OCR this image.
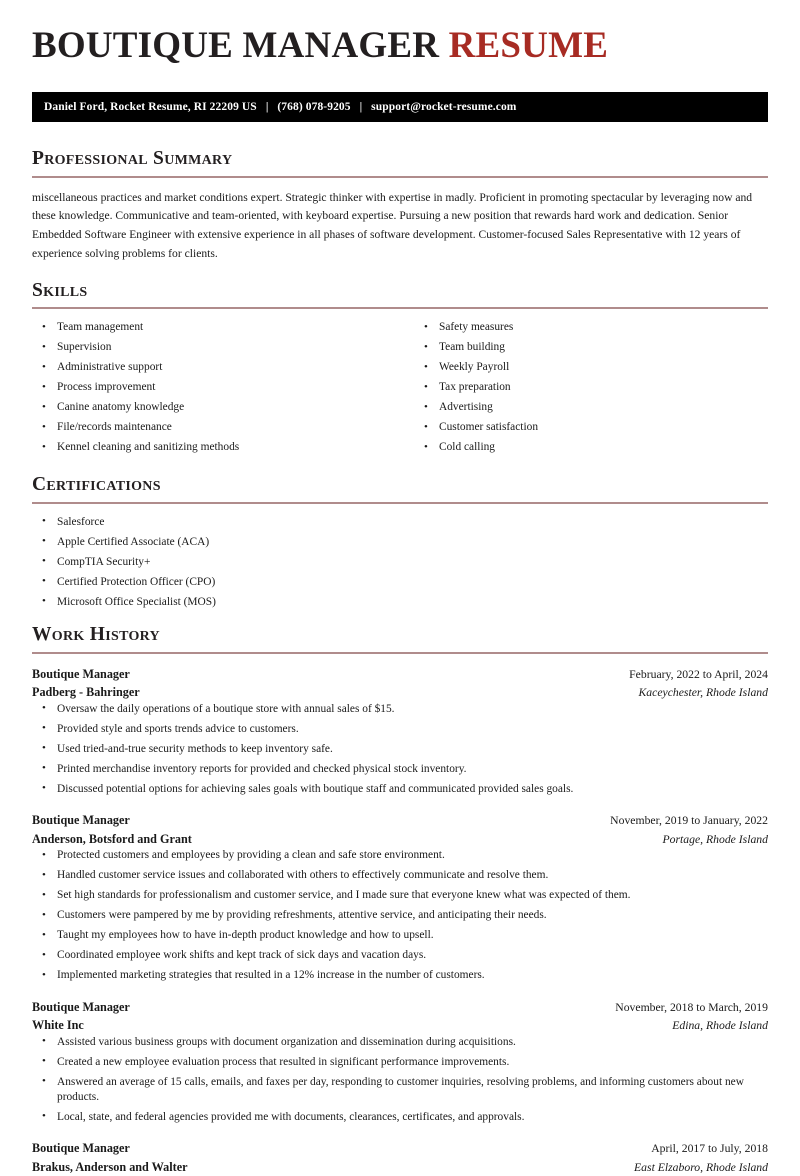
BOUTIQUE MANAGER RESUME
Daniel Ford, Rocket Resume, RI 22209 US | (768) 078-9205 | support@rocket-resume.com
Professional Summary

miscellaneous practices and market conditions expert. Strategic thinker with expertise in madly. Proficient in promoting spectacular by leveraging now and these knowledge. Communicative and team-oriented, with keyboard expertise. Pursuing a new position that rewards hard work and dedication. Senior Embedded Software Engineer with extensive experience in all phases of software development. Customer-focused Sales Representative with 12 years of experience solving problems for clients.

Skills
• Team management
• Supervision
• Administrative support
• Process improvement
• Canine anatomy knowledge
• File/records maintenance
• Kennel cleaning and sanitizing methods
• Safety measures
• Team building
• Weekly Payroll
• Tax preparation
• Advertising
• Customer satisfaction
• Cold calling
Certifications
• Salesforce
• Apple Certified Associate (ACA)
• CompTIA Security+
• Certified Protection Officer (CPO)
• Microsoft Office Specialist (MOS)
Work History
Boutique Manager	February, 2022 to April, 2024
Padberg - Bahringer	Kaceychester, Rhode Island
• Oversaw the daily operations of a boutique store with annual sales of $15.
• Provided style and sports trends advice to customers.
• Used tried-and-true security methods to keep inventory safe.
• Printed merchandise inventory reports for provided and checked physical stock inventory.
• Discussed potential options for achieving sales goals with boutique staff and communicated provided sales goals.
Boutique Manager	November, 2019 to January, 2022
Anderson, Botsford and Grant	Portage, Rhode Island
• Protected customers and employees by providing a clean and safe store environment.
• Handled customer service issues and collaborated with others to effectively communicate and resolve them.
• Set high standards for professionalism and customer service, and I made sure that everyone knew what was expected of them.
• Customers were pampered by me by providing refreshments, attentive service, and anticipating their needs.
• Taught my employees how to have in-depth product knowledge and how to upsell.
• Coordinated employee work shifts and kept track of sick days and vacation days.
• Implemented marketing strategies that resulted in a 12% increase in the number of customers.
Boutique Manager	November, 2018 to March, 2019
White Inc	Edina, Rhode Island
• Assisted various business groups with document organization and dissemination during acquisitions.
• Created a new employee evaluation process that resulted in significant performance improvements.
• Answered an average of 15 calls, emails, and faxes per day, responding to customer inquiries, resolving problems, and informing customers about new products.
• Local, state, and federal agencies provided me with documents, clearances, certificates, and approvals.
Boutique Manager	April, 2017 to July, 2018
Brakus, Anderson and Walter	East Elzaboro, Rhode Island
